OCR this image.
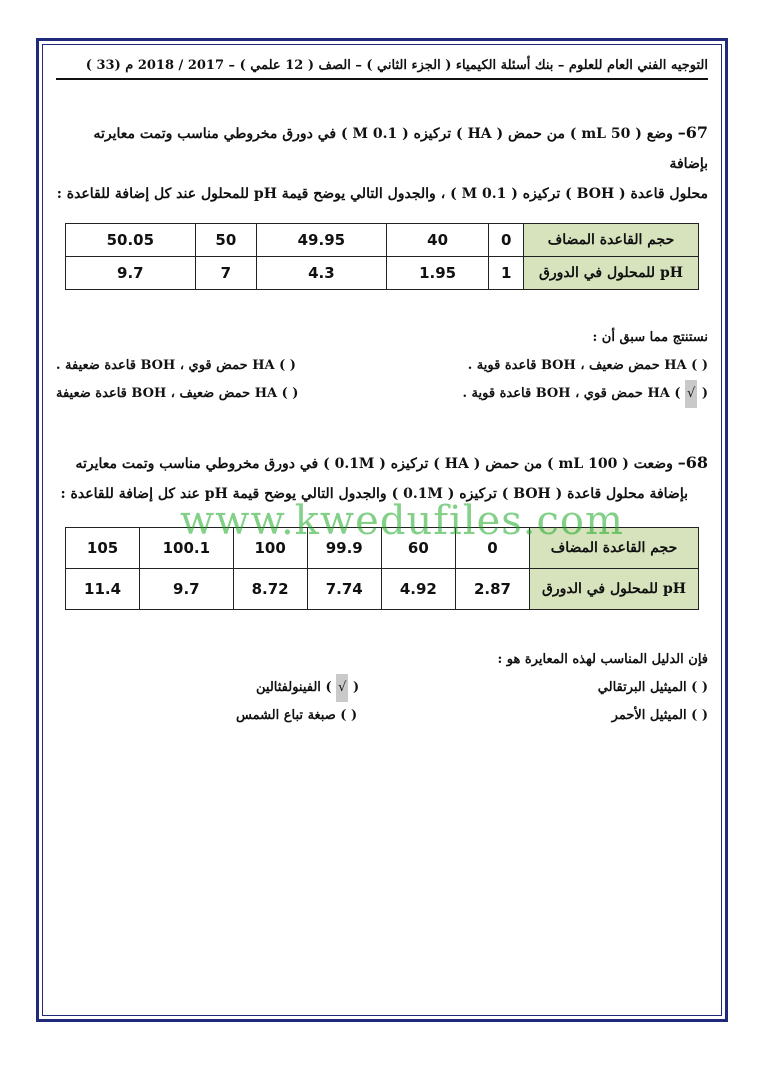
التوجيه الفني العام للعلوم – بنك أسئلة الكيمياء ( الجزء الثاني ) – الصف ( 12 علمي ) – 2017 / 2018 م (33 )
67– وضع ( 50 mL ) من حمض ( HA ) تركيزه ( 0.1 M ) في دورق مخروطي مناسب وتمت معايرته بإضافة
محلول قاعدة ( BOH ) تركيزه ( 0.1 M ) ، والجدول التالي يوضح قيمة pH للمحلول عند كل إضافة للقاعدة :
حجم القاعدة المضاف	0	40	49.95	50	50.05
pH للمحلول في الدورق	1	1.95	4.3	7	9.7
نستنتج مما سبق أن :
( ) HA حمض ضعيف ، BOH قاعدة قوية .
( ) HA حمض قوي ، BOH قاعدة ضعيفة .
( √ ) HA حمض قوي ، BOH قاعدة قوية .
( ) HA حمض ضعيف ، BOH قاعدة ضعيفة
68– وضعت ( 100 mL ) من حمض ( HA ) تركيزه ( 0.1M ) في دورق مخروطي مناسب وتمت معايرته
بإضافة محلول قاعدة ( BOH ) تركيزه ( 0.1M ) والجدول التالي يوضح قيمة pH عند كل إضافة للقاعدة :
حجم القاعدة المضاف	0	60	99.9	100	100.1	105
pH للمحلول في الدورق	2.87	4.92	7.74	8.72	9.7	11.4
فإن الدليل المناسب لهذه المعايرة هو :
( ) الميثيل البرتقالي
( √ ) الفينولفثالين
( ) الميثيل الأحمر
( ) صبغة تباع الشمس
www.kwedufiles.com
